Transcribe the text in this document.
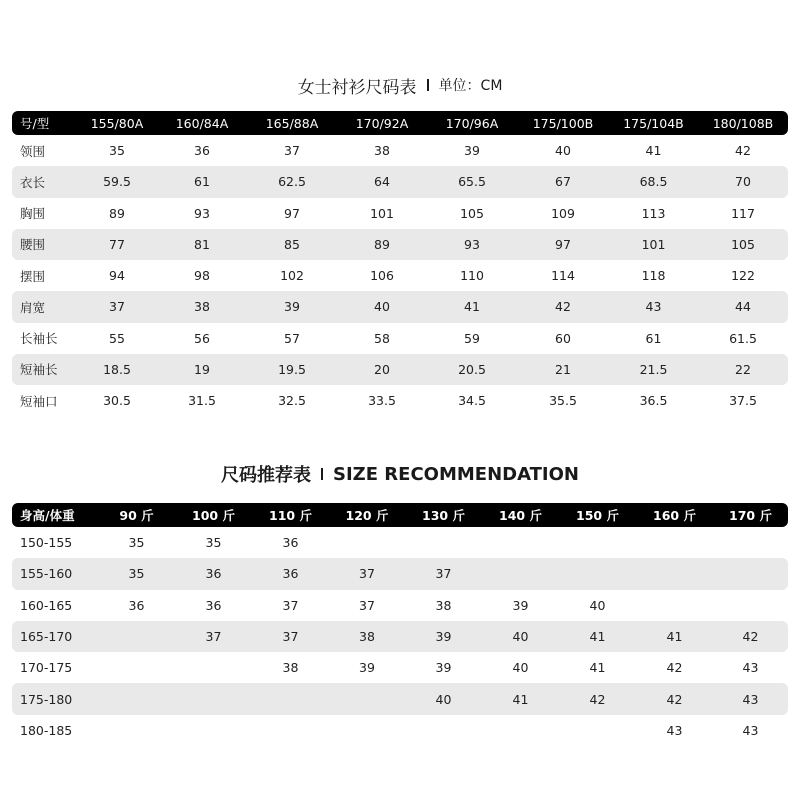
女士衬衫尺码表 单位：CM
号/型	155/80A	160/84A	165/88A	170/92A	170/96A	175/100B	175/104B	180/108B
领围	35	36	37	38	39	40	41	42
衣长	59.5	61	62.5	64	65.5	67	68.5	70
胸围	89	93	97	101	105	109	113	117
腰围	77	81	85	89	93	97	101	105
摆围	94	98	102	106	110	114	118	122
肩宽	37	38	39	40	41	42	43	44
长袖长	55	56	57	58	59	60	61	61.5
短袖长	18.5	19	19.5	20	20.5	21	21.5	22
短袖口	30.5	31.5	32.5	33.5	34.5	35.5	36.5	37.5
尺码推荐表 SIZE RECOMMENDATION
身高/体重	90 斤	100 斤	110 斤	120 斤	130 斤	140 斤	150 斤	160 斤	170 斤
150-155	35	35	36						
155-160	35	36	36	37	37				
160-165	36	36	37	37	38	39	40		
165-170		37	37	38	39	40	41	41	42
170-175			38	39	39	40	41	42	43
175-180					40	41	42	42	43
180-185								43	43
